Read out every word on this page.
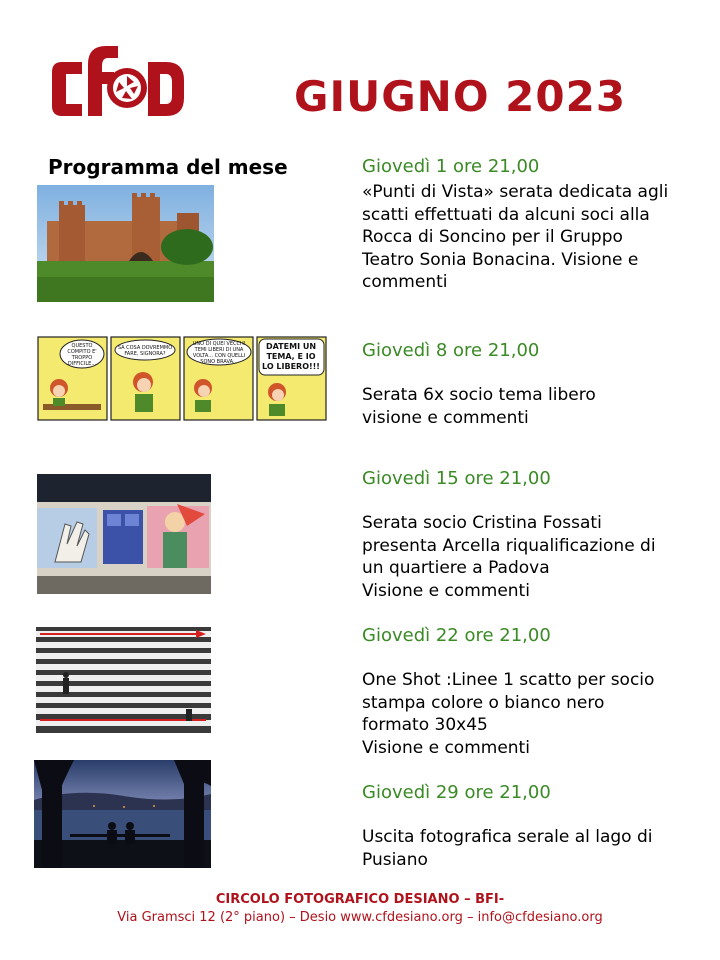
GIUGNO 2023
Programma del mese	Giovedì 1 ore 21,00
«Punti di Vista» serata dedicata agli
scatti effettuati da alcuni soci alla
Rocca di Soncino per il Gruppo
Teatro Sonia Bonacina. Visione e
commenti
QUESTO
COMPITO E'
TROPPO
DIFFICILE...
SA COSA DOVREMMO
FARE, SIGNORA?
UNO DI QUEI VECCHI
TEMI LIBERI DI UNA
VOLTA... CON QUELLI
SONO BRAVA...
DATEMI UN
TEMA, E IO
LO LIBERO!!!
Giovedì 8 ore 21,00
Serata 6x socio tema libero
visione e commenti
Giovedì 15 ore 21,00
Serata socio Cristina Fossati
presenta Arcella riqualificazione di
un quartiere a Padova
Visione e commenti
Giovedì 22 ore 21,00
One Shot :Linee 1 scatto per socio
stampa colore o bianco nero
formato 30x45
Visione e commenti
Giovedì 29 ore 21,00
Uscita fotografica serale al lago di
Pusiano
CIRCOLO FOTOGRAFICO DESIANO – BFI-
Via Gramsci 12 (2° piano) – Desio www.cfdesiano.org – info@cfdesiano.org
